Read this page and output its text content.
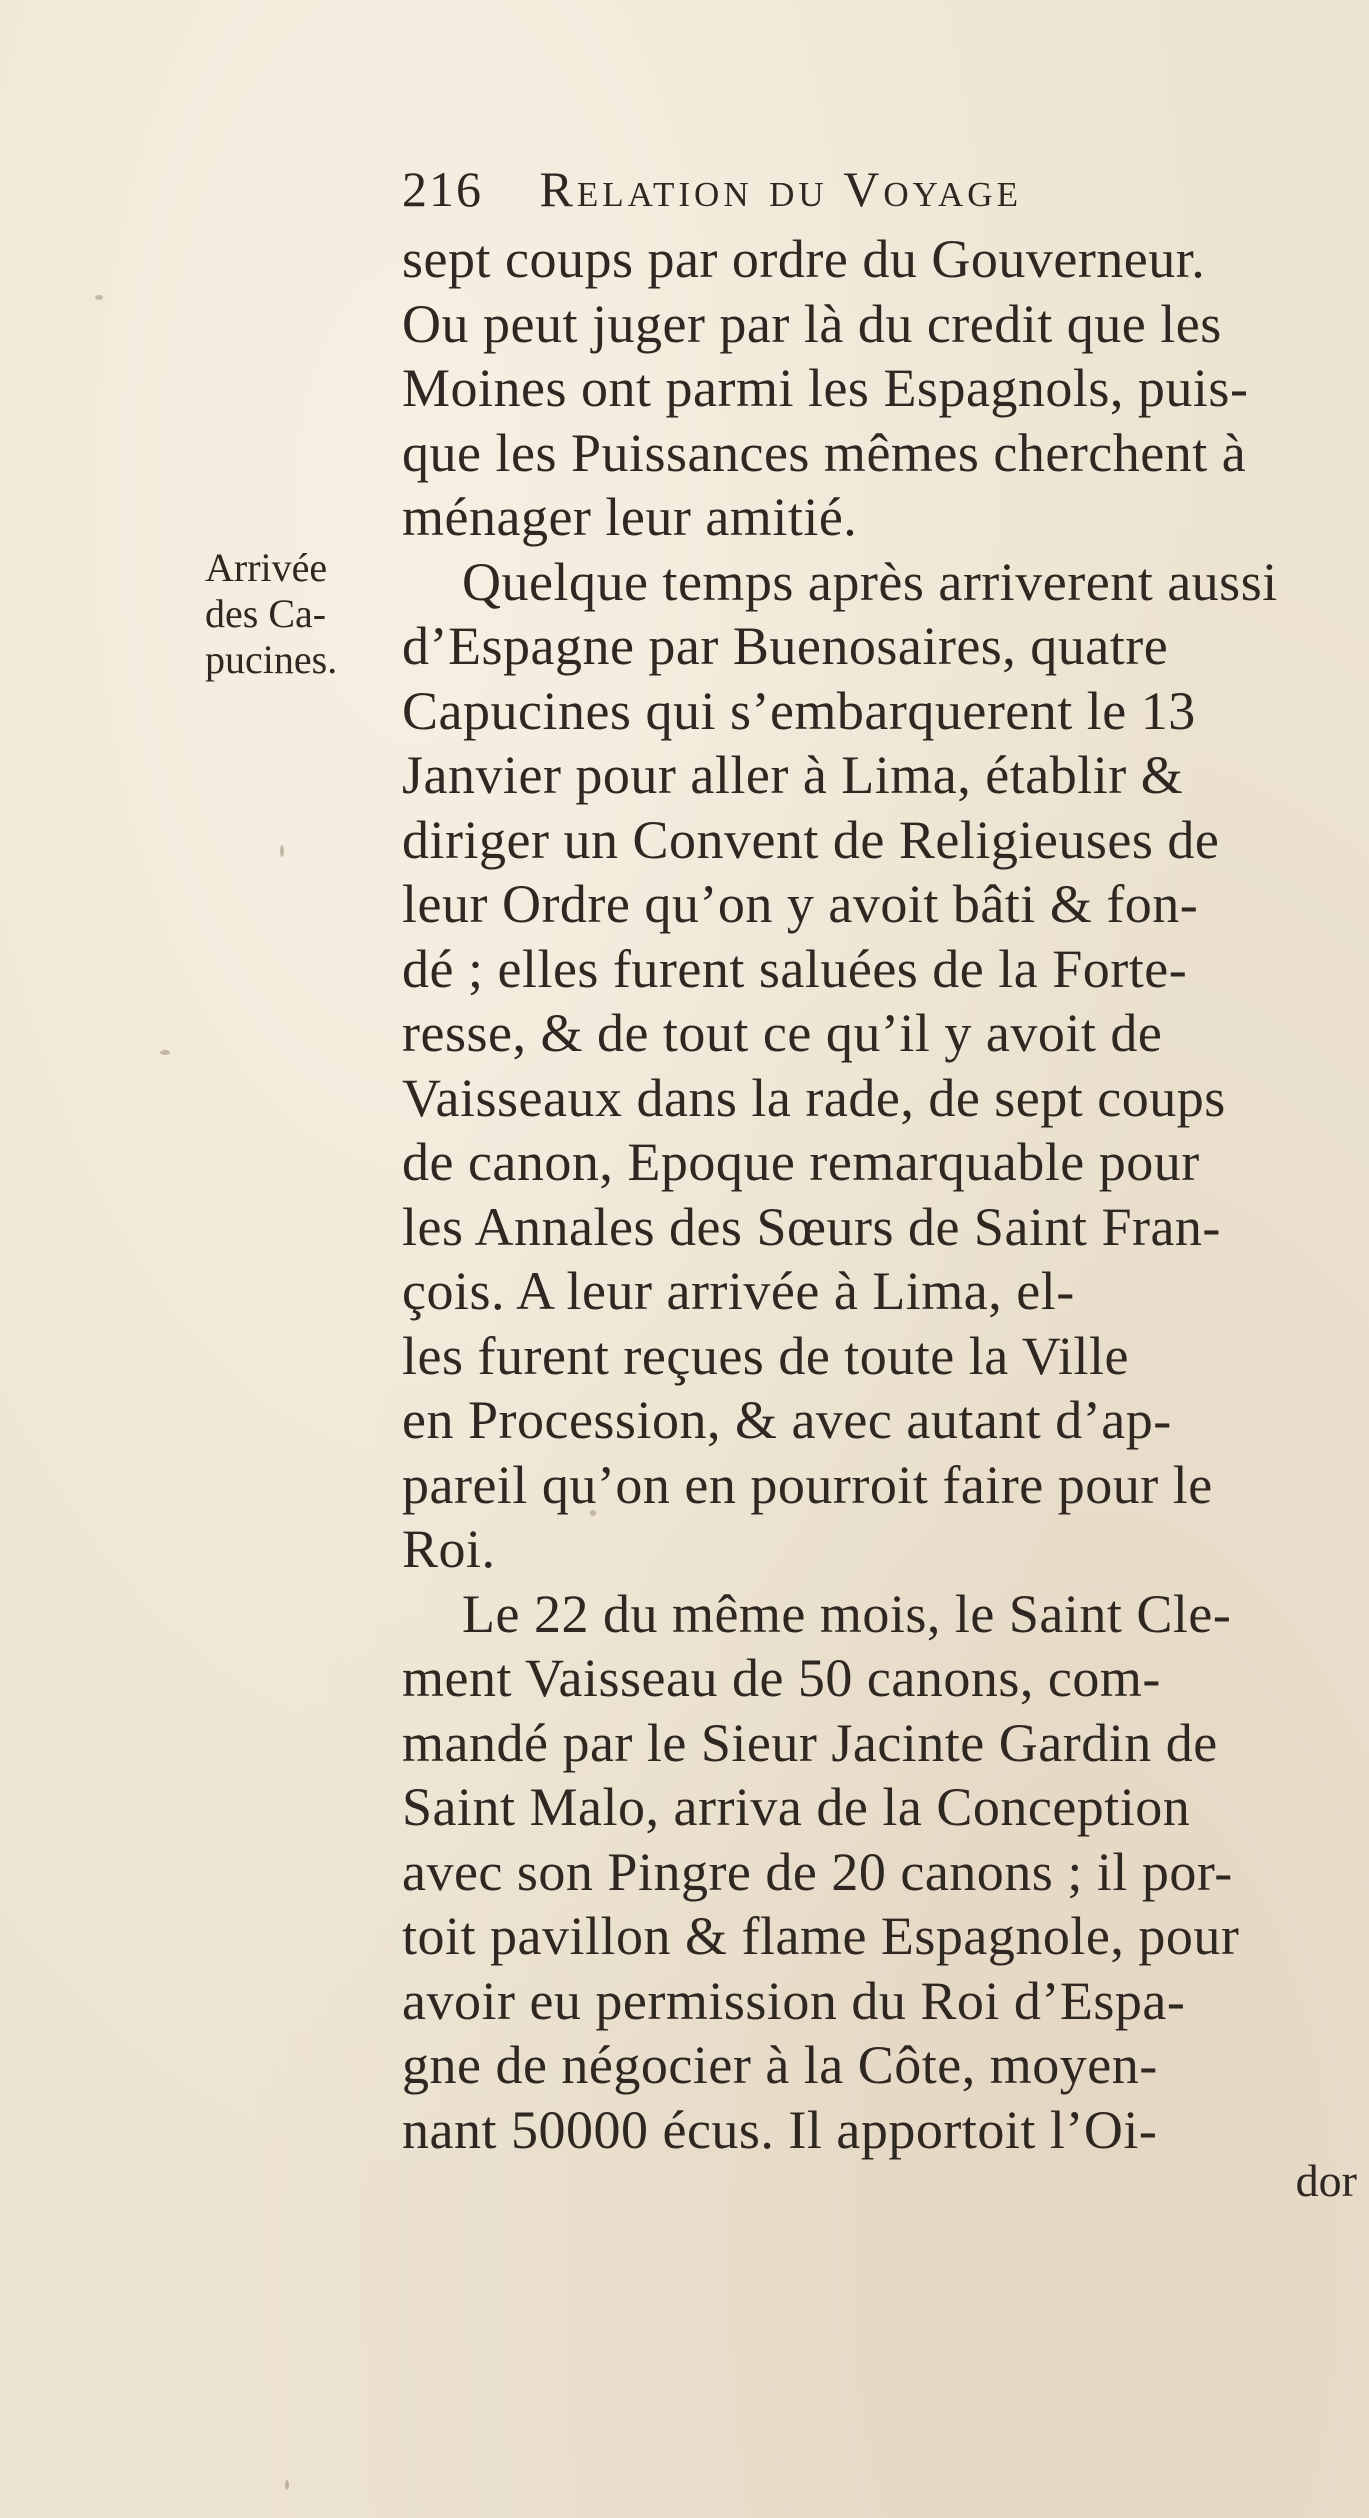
216 Relation du Voyage
Arrivée
des Ca-
pucines.
sept coups par ordre du Gouverneur.
Ou peut juger par là du credit que les
Moines ont parmi les Espagnols, puis-
que les Puissances mêmes cherchent à
ménager leur amitié.
Quelque temps après arriverent aussi
d’Espagne par Buenosaires, quatre
Capucines qui s’embarquerent le 13
Janvier pour aller à Lima, établir &
diriger un Convent de Religieuses de
leur Ordre qu’on y avoit bâti & fon-
dé ; elles furent saluées de la Forte-
resse, & de tout ce qu’il y avoit de
Vaisseaux dans la rade, de sept coups
de canon, Epoque remarquable pour
les Annales des Sœurs de Saint Fran-
çois. A leur arrivée à Lima, el-
les furent reçues de toute la Ville
en Procession, & avec autant d’ap-
pareil qu’on en pourroit faire pour le
Roi.
Le 22 du même mois, le Saint Cle-
ment Vaisseau de 50 canons, com-
mandé par le Sieur Jacinte Gardin de
Saint Malo, arriva de la Conception
avec son Pingre de 20 canons ; il por-
toit pavillon & flame Espagnole, pour
avoir eu permission du Roi d’Espa-
gne de négocier à la Côte, moyen-
nant 50000 écus. Il apportoit l’Oi-
dor
